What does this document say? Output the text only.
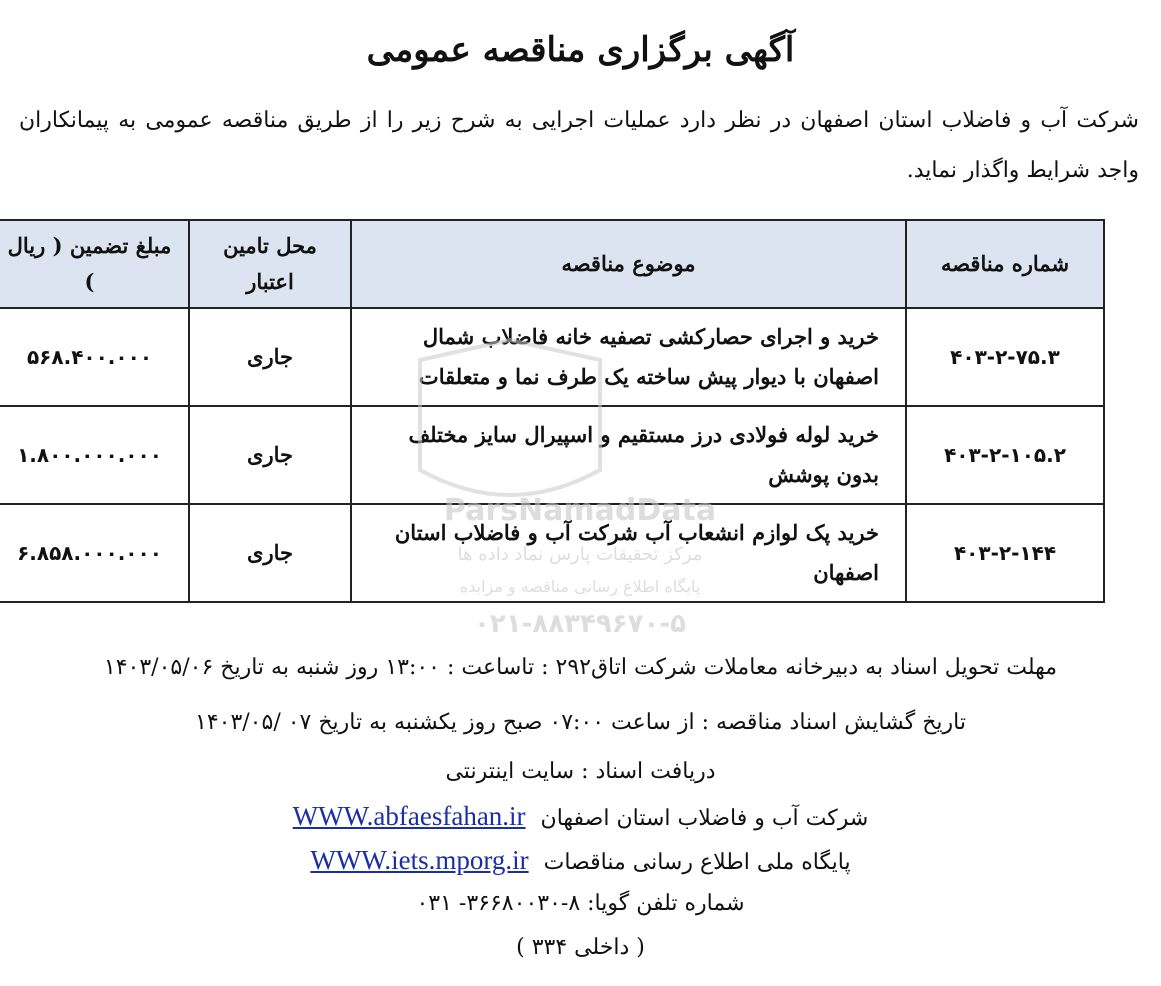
آگهی برگزاری مناقصه عمومی
شرکت آب و فاضلاب استان اصفهان در نظر دارد عملیات اجرایی به شرح زیر را از طریق مناقصه عمومی به پیمانکاران واجد شرایط واگذار نماید.
شماره مناقصه	موضوع مناقصه	محل تامین اعتبار	مبلغ تضمین ( ریال )
۴۰۳-۲-۷۵.۳	خرید و اجرای حصارکشی تصفیه خانه فاضلاب شمال اصفهان با دیوار پیش ساخته یک طرف نما و متعلقات	جاری	۵۶۸.۴۰۰.۰۰۰
۴۰۳-۲-۱۰۵.۲	خرید لوله فولادی درز مستقیم و اسپیرال سایز مختلف بدون پوشش	جاری	۱.۸۰۰.۰۰۰.۰۰۰
۴۰۳-۲-۱۴۴	خرید پک لوازم انشعاب آب شرکت آب و فاضلاب استان اصفهان	جاری	۶.۸۵۸.۰۰۰.۰۰۰
ParsNamadData
مرکز تحقیقات پارس نماد داده ها
پایگاه اطلاع رسانی مناقصه و مزایده
۰۲۱-۸۸۳۴۹۶۷۰-۵
مهلت تحویل اسناد به دبیرخانه معاملات شرکت اتاق۲۹۲ : تاساعت : ۱۳:۰۰ روز شنبه به تاریخ ۱۴۰۳/۰۵/۰۶
تاریخ گشایش اسناد مناقصه : از ساعت ۰۷:۰۰ صبح روز یکشنبه به تاریخ ۰۷ /۱۴۰۳/۰۵
دریافت اسناد : سایت اینترنتی
شرکت آب و فاضلاب استان اصفهان WWW.abfaesfahan.ir
پایگاه ملی اطلاع رسانی مناقصات WWW.iets.mporg.ir
شماره تلفن گویا: ۸-۳۶۶۸۰۰۳۰- ۰۳۱
( داخلی ۳۳۴ )
